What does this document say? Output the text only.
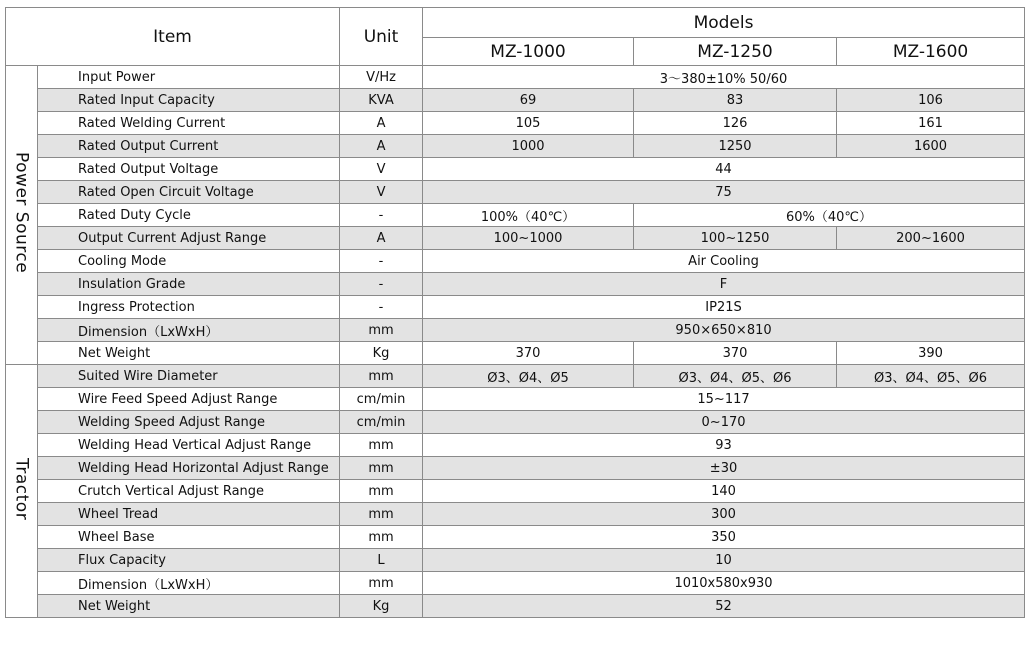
Item		Unit	Models		
			MZ-1000	MZ-1250	MZ-1600
Power Source	Input Power	V/Hz	3～380±10% 50/60		
	Rated Input Capacity	KVA	69	83	106
	Rated Welding Current	A	105	126	161
	Rated Output Current	A	1000	1250	1600
	Rated Output Voltage	V	44		
	Rated Open Circuit Voltage	V	75		
	Rated Duty Cycle	-	100%（40℃）	60%（40℃）	
	Output Current Adjust Range	A	100~1000	100~1250	200~1600
	Cooling Mode	-	Air Cooling		
	Insulation Grade	-	F		
	Ingress Protection	-	IP21S		
	Dimension（LxWxH）	mm	950×650×810		
	Net Weight	Kg	370	370	390
Tractor	Suited Wire Diameter	mm	Ø3、Ø4、Ø5	Ø3、Ø4、Ø5、Ø6	Ø3、Ø4、Ø5、Ø6
	Wire Feed Speed Adjust Range	cm/min	15~117		
	Welding Speed Adjust Range	cm/min	0~170		
	Welding Head Vertical Adjust Range	mm	93		
	Welding Head Horizontal Adjust Range	mm	±30		
	Crutch Vertical Adjust Range	mm	140		
	Wheel Tread	mm	300		
	Wheel Base	mm	350		
	Flux Capacity	L	10		
	Dimension（LxWxH）	mm	1010x580x930		
	Net Weight	Kg	52		
